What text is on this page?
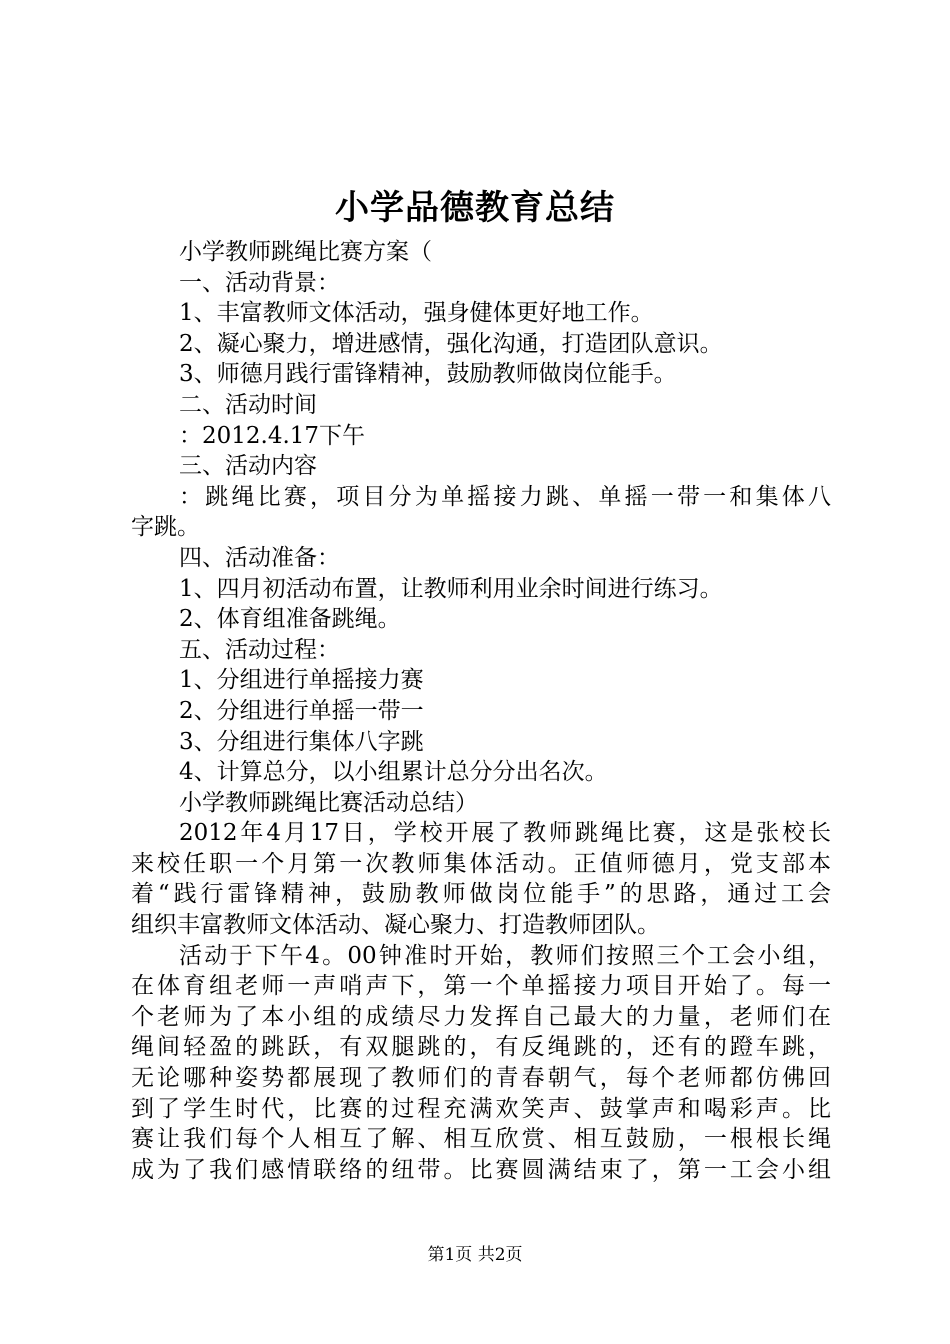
小学品德教育总结

小学教师跳绳比赛方案（

一、活动背景：

1、丰富教师文体活动，强身健体更好地工作。

2、凝心聚力，增进感情，强化沟通，打造团队意识。

3、师德月践行雷锋精神，鼓励教师做岗位能手。

二、活动时间

：2012.4.17下午

三、活动内容

：跳绳比赛，项目分为单摇接力跳、单摇一带一和集体八

字跳。

四、活动准备：

1、四月初活动布置，让教师利用业余时间进行练习。

2、体育组准备跳绳。

五、活动过程：

1、分组进行单摇接力赛

2、分组进行单摇一带一

3、分组进行集体八字跳

4、计算总分，以小组累计总分分出名次。

小学教师跳绳比赛活动总结）

2012年4月17日，学校开展了教师跳绳比赛，这是张校长

来校任职一个月第一次教师集体活动。正值师德月，党支部本

着“践行雷锋精神，鼓励教师做岗位能手”的思路，通过工会

组织丰富教师文体活动、凝心聚力、打造教师团队。

活动于下午4。00钟准时开始，教师们按照三个工会小组，

在体育组老师一声哨声下，第一个单摇接力项目开始了。每一

个老师为了本小组的成绩尽力发挥自己最大的力量，老师们在

绳间轻盈的跳跃，有双腿跳的，有反绳跳的，还有的蹬车跳，

无论哪种姿势都展现了教师们的青春朝气，每个老师都仿佛回

到了学生时代，比赛的过程充满欢笑声、鼓掌声和喝彩声。比

赛让我们每个人相互了解、相互欣赏、相互鼓励，一根根长绳

成为了我们感情联络的纽带。比赛圆满结束了，第一工会小组

第1页 共2页
